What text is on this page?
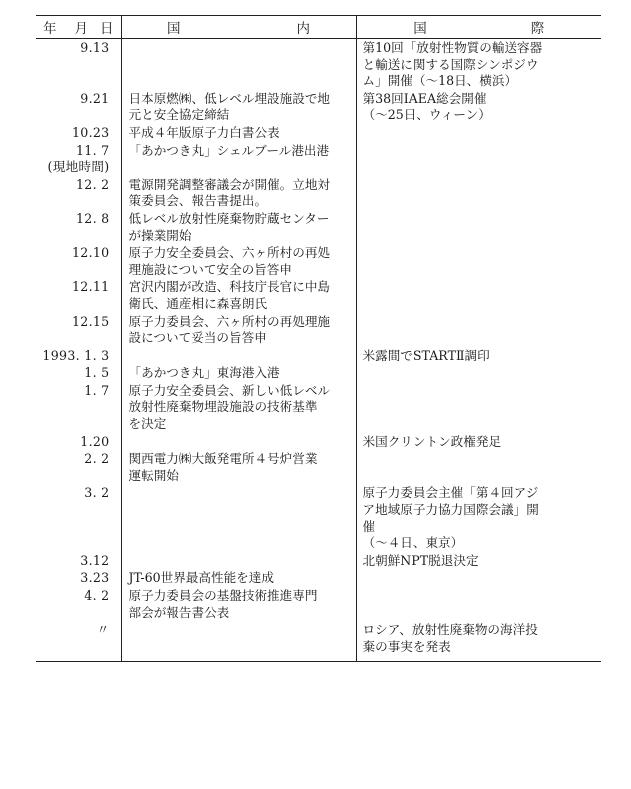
年 月 日	国 内	国 際

9.13		第10回「放射性物質の輸送容器
と輸送に関する国際シンポジウ
ム」開催（～18日、横浜）

9.21	日本原燃㈱、低レベル埋設施設で地
元と安全協定締結	第38回IAEA総会開催
（～25日、ウィーン）

10.23	平成４年版原子力白書公表	

11. 7
(現地時間)	「あかつき丸」シェルブール港出港	

12. 2	電源開発調整審議会が開催。立地対
策委員会、報告書提出。	

12. 8	低レベル放射性廃棄物貯蔵センター
が操業開始	

12.10	原子力安全委員会、六ヶ所村の再処
理施設について安全の旨答申	

12.11	宮沢内閣が改造、科技庁長官に中島
衛氏、通産相に森喜朗氏	

12.15	原子力委員会、六ヶ所村の再処理施
設について妥当の旨答申	

1993. 1. 3		米露間でSTARTⅡ調印

1. 5	「あかつき丸」東海港入港	

1. 7	原子力安全委員会、新しい低レベル
放射性廃棄物埋設施設の技術基準
を決定	

1.20		米国クリントン政権発足

2. 2	関西電力㈱大飯発電所４号炉営業
運転開始	

3. 2		原子力委員会主催「第４回アジ
ア地域原子力協力国際会議」開
催
（～４日、東京）

3.12		北朝鮮NPT脱退決定

3.23	JT-60世界最高性能を達成	

4. 2	原子力委員会の基盤技術推進専門
部会が報告書公表	

〃		ロシア、放射性廃棄物の海洋投
棄の事実を発表
